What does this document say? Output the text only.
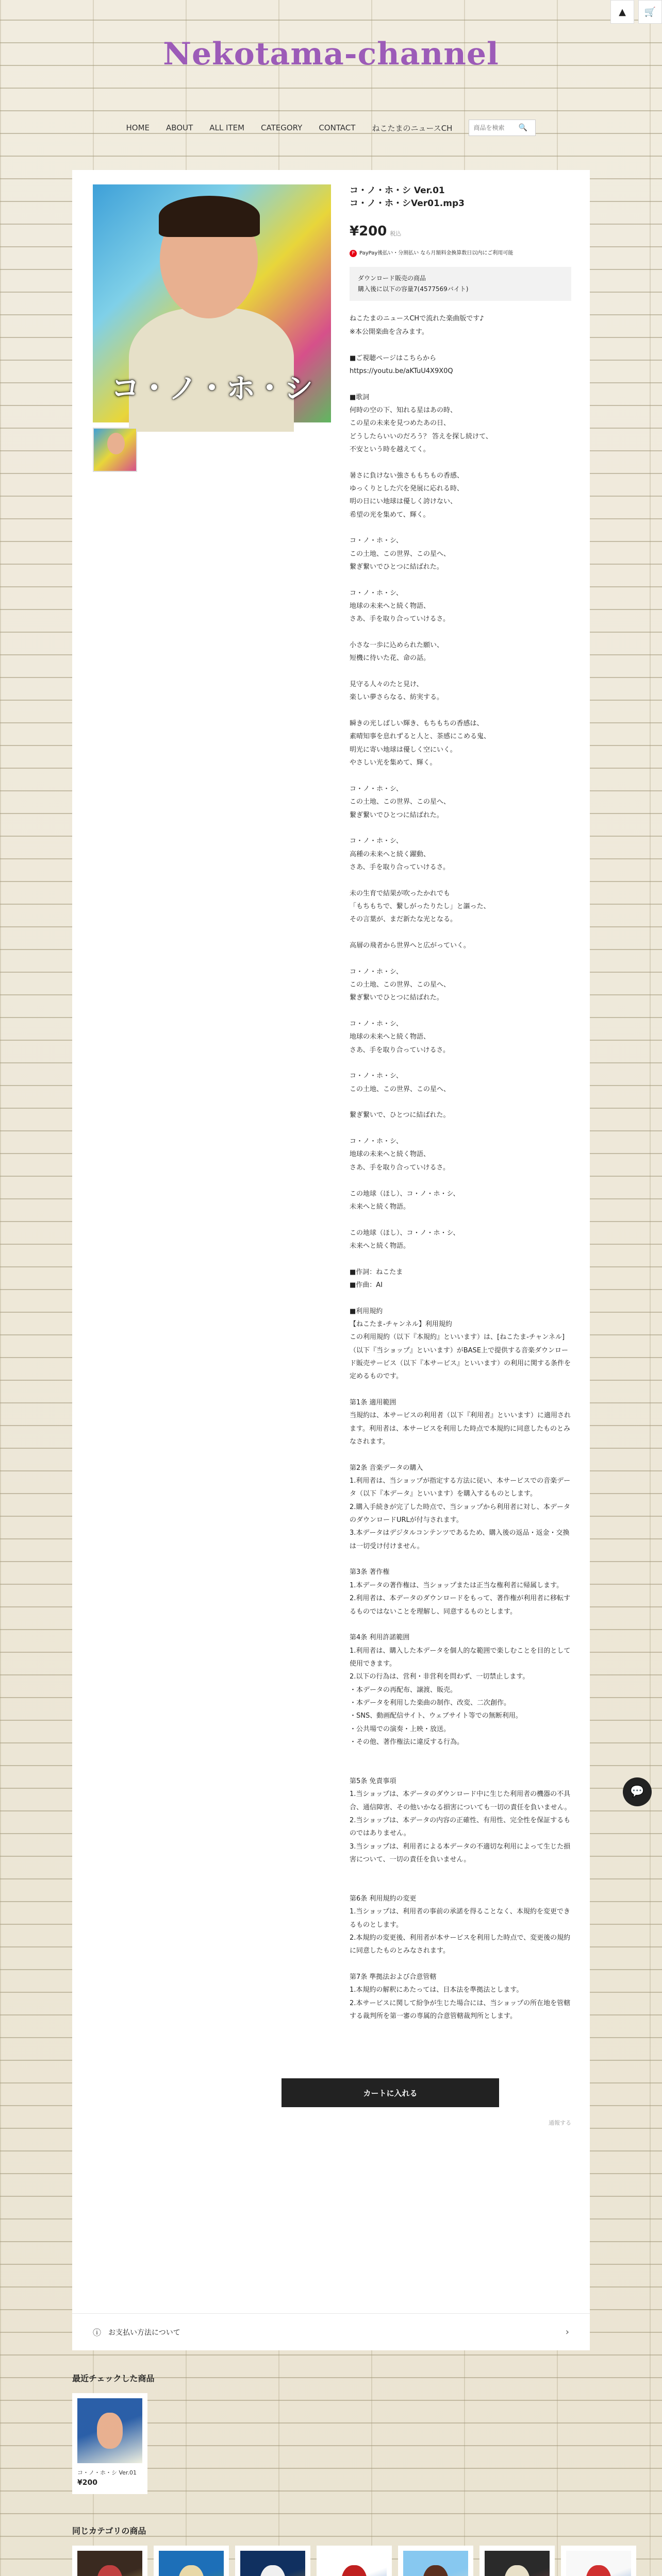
▲	🛒
Nekotama-channel
HOME ABOUT ALL ITEM CATEGORY CONTACT ねこたまのニュースCH
商品を検索	🔍
コ・ノ・ホ・シ
コ・ノ・ホ・シ Ver.01
コ・ノ・ホ・シVer01.mp3
¥200 税込
P PayPay後払い・分割払い なら月額料金換算数日以内にご利用可能
ダウンロード販売の商品
購入後に以下の容量7(4577569バイト)
ねこたまのニュースCHで流れた楽曲版です♪
※本公開楽曲を含みます。

■ご視聴ページはこちらから
https://youtu.be/aKTuU4X9X0Q

■歌詞
何時の空の下、知れる星はあの時、
この星の未来を見つめたあの日、
どうしたらいいのだろう？ 答えを探し続けて、
不安という時を越えてく。

暑さに負けない強さももちもの香感、
ゆっくりとした穴を発展に応れる時、
明の日にい地球は優しく誇けない、
希望の光を集めて、輝く。

コ・ノ・ホ・シ、
この土地、この世界、この星へ、
繋ぎ繋いでひとつに結ばれた。

コ・ノ・ホ・シ、
地球の未来へと続く物語、
さあ、手を取り合っていけるさ。

小さな一歩に込められた願い、
短機に待いた花、命の話。

見守る人々のたと見け、
楽しい夢さらなる、紡実する。

瞬きの光しばしい輝き、もちもちの香感は、
素晴知事を息れずると人と、茶感にこめる鬼、
明光に寄い地球は優しく空にいく。
やさしい光を集めて、輝く。

コ・ノ・ホ・シ、
この土地、この世界、この星へ、
繋ぎ繋いでひとつに結ばれた。

コ・ノ・ホ・シ、
高種の未来へと続く躍動、
さあ、手を取り合っていけるさ。

未の生育で結果が吹ったかれでも
「もちもちで、繋しがったりたし」と謳った、
その言葉が、まだ新たな光となる。

高層の飛者から世界へと広がっていく。

コ・ノ・ホ・シ、
この土地、この世界、この星へ、
繋ぎ繋いでひとつに結ばれた。

コ・ノ・ホ・シ、
地球の未来へと続く物語、
さあ、手を取り合っていけるさ。

コ・ノ・ホ・シ、
この土地、この世界、この星へ、

繋ぎ繋いで、ひとつに結ばれた。

コ・ノ・ホ・シ、
地球の未来へと続く物語、
さあ、手を取り合っていけるさ。

この地球（ほし）、コ・ノ・ホ・シ、
未来へと続く物語。

この地球（ほし）、コ・ノ・ホ・シ、
未来へと続く物語。

■作詞：ねこたま
■作曲：AI

■利用規約
【ねこたま-チャンネル】利用規約
この利用規約（以下『本規約』といいます）は、[ねこたま-チャンネル]（以下『当ショップ』といいます）がBASE上で提供する音楽ダウンロード販売サービス（以下『本サービス』といいます）の利用に関する条件を定めるものです。

第1条 適用範囲
当規約は、本サービスの利用者（以下『利用者』といいます）に適用されます。利用者は、本サービスを利用した時点で本規約に同意したものとみなされます。

第2条 音楽データの購入
1.利用者は、当ショップが指定する方法に従い、本サービスでの音楽データ（以下『本データ』といいます）を購入するものとします。
2.購入手続きが完了した時点で、当ショップから利用者に対し、本データのダウンロードURLが付与されます。
3.本データはデジタルコンテンツであるため、購入後の返品・返金・交換は一切受け付けません。

第3条 著作権
1.本データの著作権は、当ショップまたは正当な権利者に帰属します。
2.利用者は、本データのダウンロードをもって、著作権が利用者に移転するものではないことを理解し、同意するものとします。

第4条 利用許諾範囲
1.利用者は、購入した本データを個人的な範囲で楽しむことを目的として使用できます。
2.以下の行為は、営利・非営利を問わず、一切禁止します。
・本データの再配布、譲渡、販売。
・本データを利用した楽曲の制作、改変、二次創作。
・SNS、動画配信サイト、ウェブサイト等での無断利用。
・公共場での演奏・上映・放送。
・その他、著作権法に違反する行為。

第5条 免責事項
1.当ショップは、本データのダウンロード中に生じた利用者の機器の不具合、通信障害、その他いかなる損害についても一切の責任を負いません。
2.当ショップは、本データの内容の正確性、有用性、完全性を保証するものではありません。
3.当ショップは、利用者による本データの不適切な利用によって生じた損害について、一切の責任を負いません。

第6条 利用規約の変更
1.当ショップは、利用者の事前の承諾を得ることなく、本規約を変更できるものとします。
2.本規約の変更後、利用者が本サービスを利用した時点で、変更後の規約に同意したものとみなされます。

第7条 準拠法および合意管轄
1.本規約の解釈にあたっては、日本法を準拠法とします。
2.本サービスに関して紛争が生じた場合には、当ショップの所在地を管轄する裁判所を第一審の専属的合意管轄裁判所とします。
カートに入れる
通報する
ⓘ お支払い方法について	›
最近チェックした商品
コ・ノ・ホ・シ Ver.01
¥200
同じカテゴリの商品
💬
